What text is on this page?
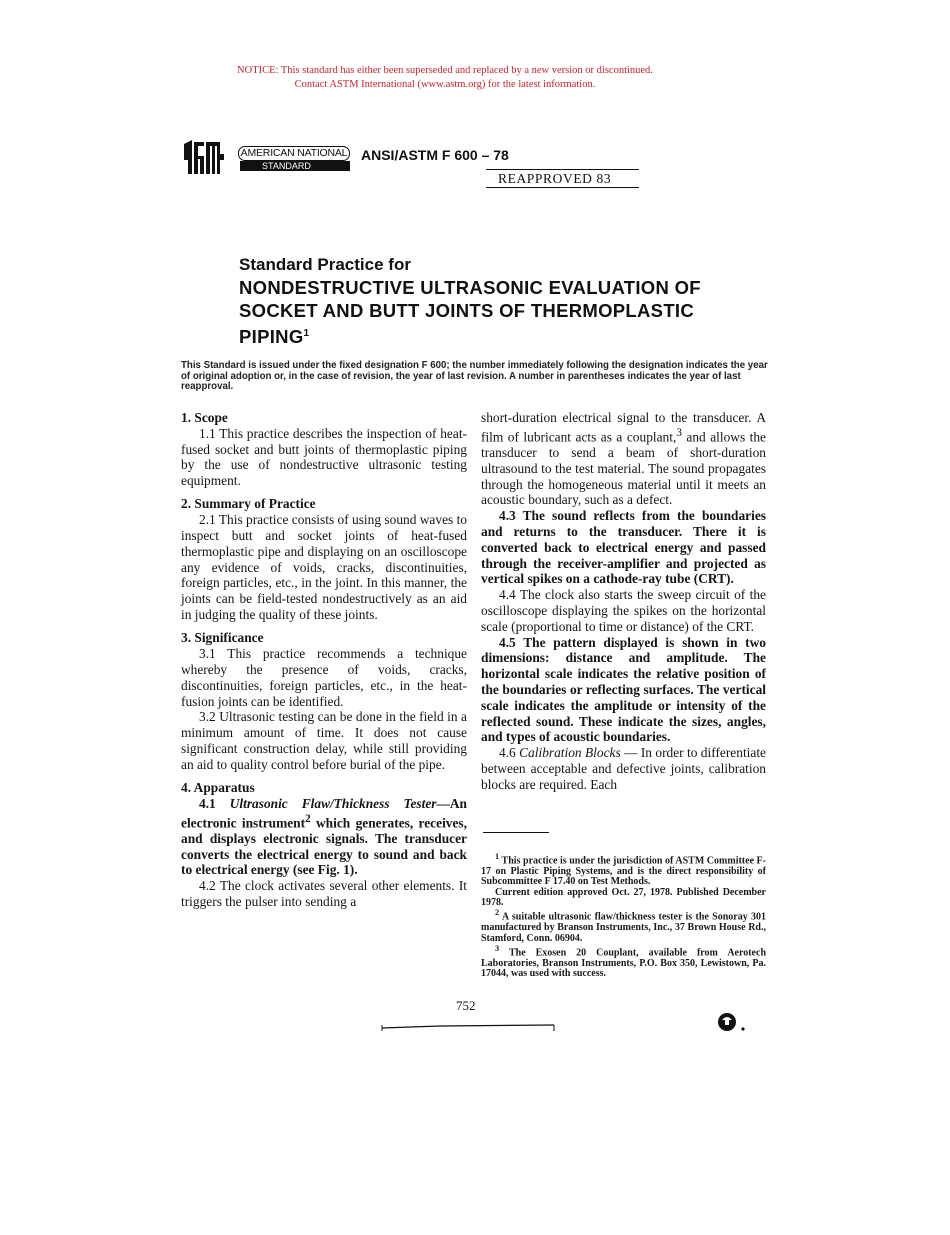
NOTICE: This standard has either been superseded and replaced by a new version or discontinued.
Contact ASTM International (www.astm.org) for the latest information.
AMERICAN NATIONAL
STANDARD
ANSI/ASTM F 600 – 78
REAPPROVED 83
Standard Practice for
NONDESTRUCTIVE ULTRASONIC EVALUATION OF
SOCKET AND BUTT JOINTS OF THERMOPLASTIC
PIPING$^1$
This Standard is issued under the fixed designation F 600; the number immediately following the designation indicates the year of original adoption or, in the case of revision, the year of last revision. A number in parentheses indicates the year of last reapproval.
1. Scope

1.1 This practice describes the inspection of heat-fused socket and butt joints of thermoplastic piping by the use of nondestructive ultrasonic testing equipment.

2. Summary of Practice

2.1 This practice consists of using sound waves to inspect butt and socket joints of heat-fused thermoplastic pipe and displaying on an oscilloscope any evidence of voids, cracks, discontinuities, foreign particles, etc., in the joint. In this manner, the joints can be field-tested nondestructively as an aid in judging the quality of these joints.

3. Significance

3.1 This practice recommends a technique whereby the presence of voids, cracks, discontinuities, foreign particles, etc., in the heat-fusion joints can be identified.

3.2 Ultrasonic testing can be done in the field in a minimum amount of time. It does not cause significant construction delay, while still providing an aid to quality control before burial of the pipe.

4. Apparatus

4.1 Ultrasonic Flaw/Thickness Tester—An electronic instrument$^2$ which generates, receives, and displays electronic signals. The transducer converts the electrical energy to sound and back to electrical energy (see Fig. 1).

4.2 The clock activates several other elements. It triggers the pulser into sending a

short-duration electrical signal to the transducer. A film of lubricant acts as a couplant,$^3$ and allows the transducer to send a beam of short-duration ultrasound to the test material. The sound propagates through the homogeneous material until it meets an acoustic boundary, such as a defect.

4.3 The sound reflects from the boundaries and returns to the transducer. There it is converted back to electrical energy and passed through the receiver-amplifier and projected as vertical spikes on a cathode-ray tube (CRT).

4.4 The clock also starts the sweep circuit of the oscilloscope displaying the spikes on the horizontal scale (proportional to time or distance) of the CRT.

4.5 The pattern displayed is shown in two dimensions: distance and amplitude. The horizontal scale indicates the relative position of the boundaries or reflecting surfaces. The vertical scale indicates the amplitude or intensity of the reflected sound. These indicate the sizes, angles, and types of acoustic boundaries.

4.6 Calibration Blocks — In order to differentiate between acceptable and defective joints, calibration blocks are required. Each

$^1$ This practice is under the jurisdiction of ASTM Committee F-17 on Plastic Piping Systems, and is the direct responsibility of Subcommittee F 17.40 on Test Methods.

Current edition approved Oct. 27, 1978. Published December 1978.

$^2$ A suitable ultrasonic flaw/thickness tester is the Sonoray 301 manufactured by Branson Instruments, Inc., 37 Brown House Rd., Stamford, Conn. 06904.

$^3$ The Exosen 20 Couplant, available from Aerotech Laboratories, Branson Instruments, P.O. Box 350, Lewistown, Pa. 17044, was used with success.

752
